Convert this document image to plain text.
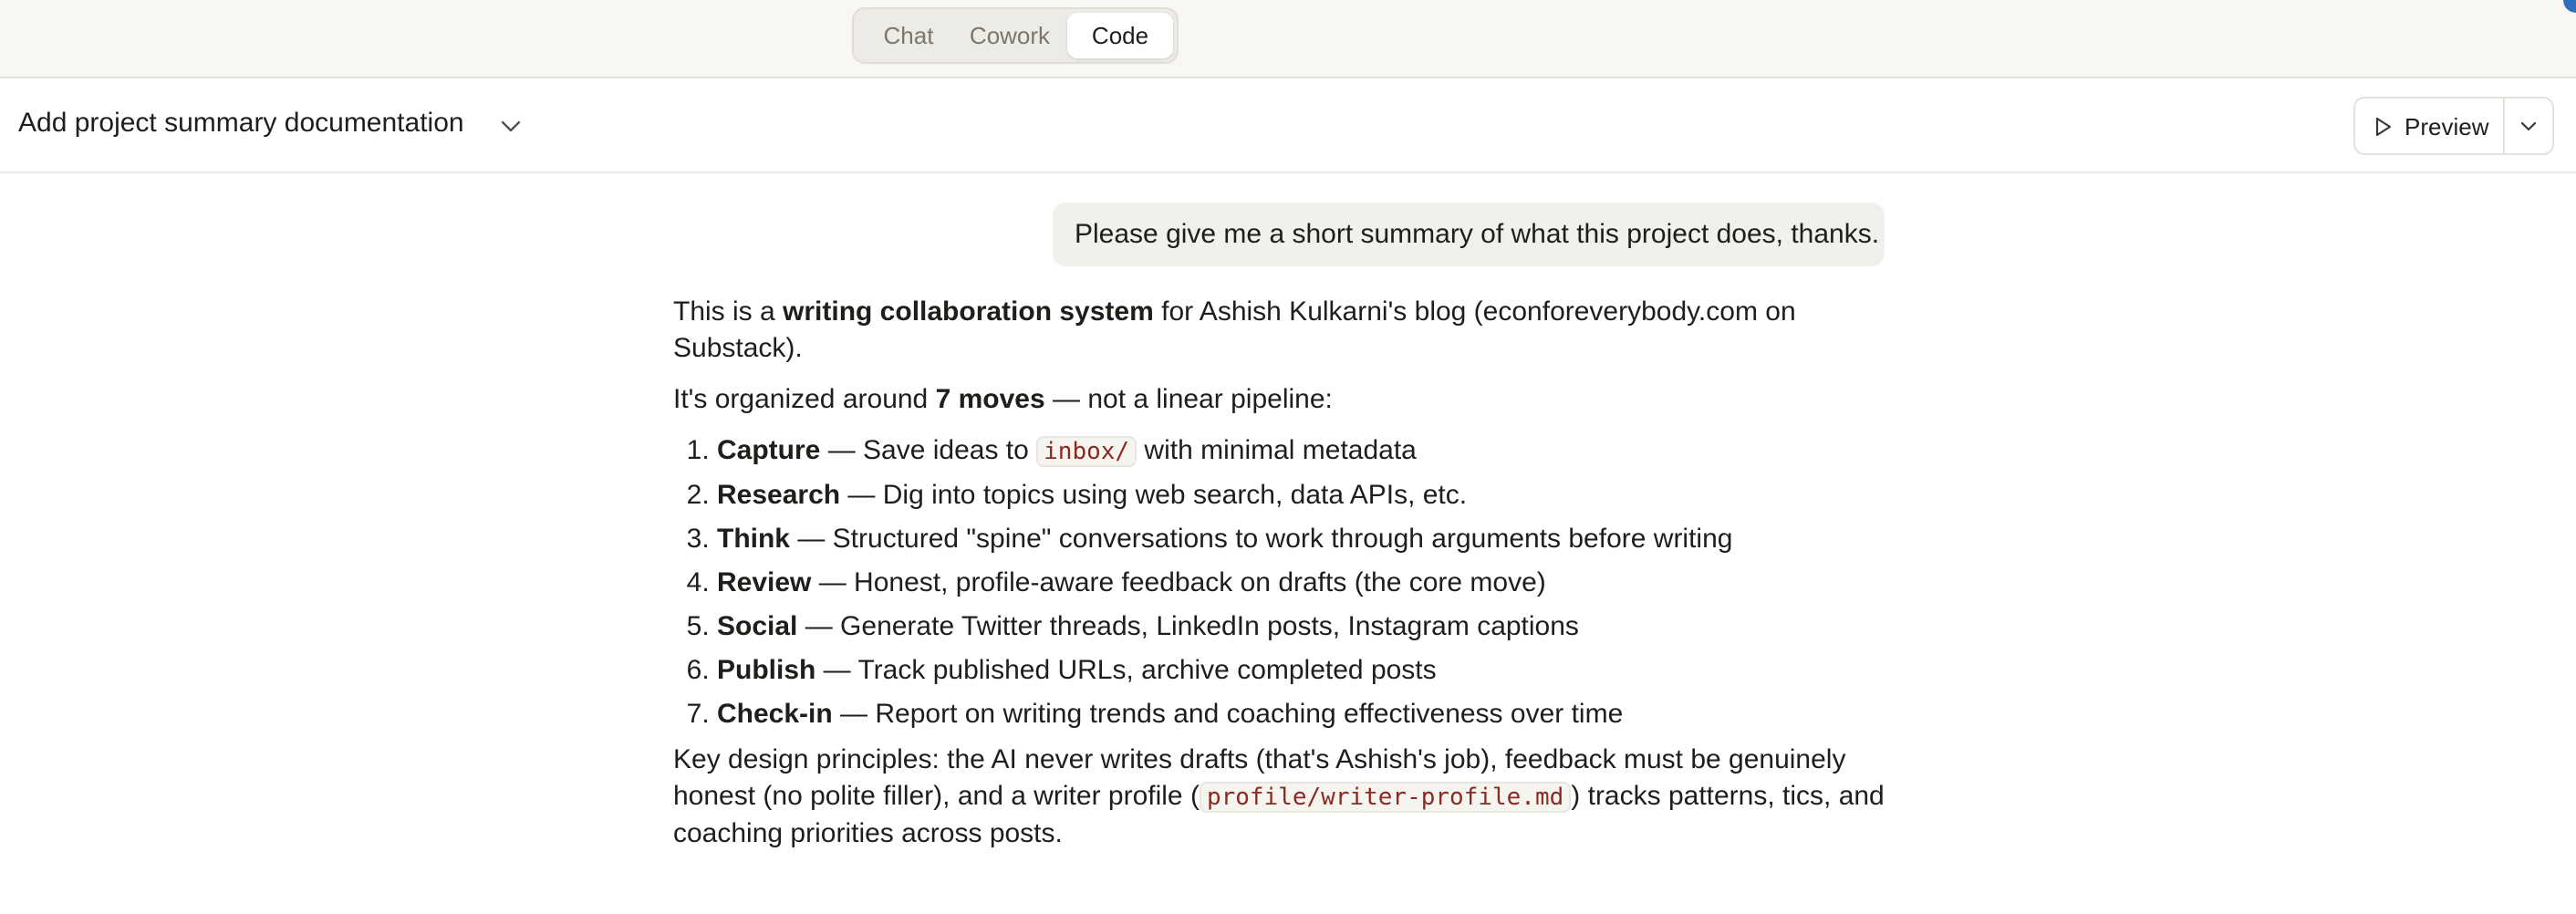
Chat	Cowork	Code
Add project summary documentation	Preview
Please give me a short summary of what this project does, thanks.

This is a writing collaboration system for Ashish Kulkarni's blog (econforeverybody.com on Substack).

It's organized around 7 moves — not a linear pipeline:

1. Capture — Save ideas to inbox/ with minimal metadata
2. Research — Dig into topics using web search, data APIs, etc.
3. Think — Structured "spine" conversations to work through arguments before writing
4. Review — Honest, profile-aware feedback on drafts (the core move)
5. Social — Generate Twitter threads, LinkedIn posts, Instagram captions
6. Publish — Track published URLs, archive completed posts
7. Check-in — Report on writing trends and coaching effectiveness over time

Key design principles: the AI never writes drafts (that's Ashish's job), feedback must be genuinely honest (no polite filler), and a writer profile ( profile/writer-profile.md ) tracks patterns, tics, and coaching priorities across posts.
